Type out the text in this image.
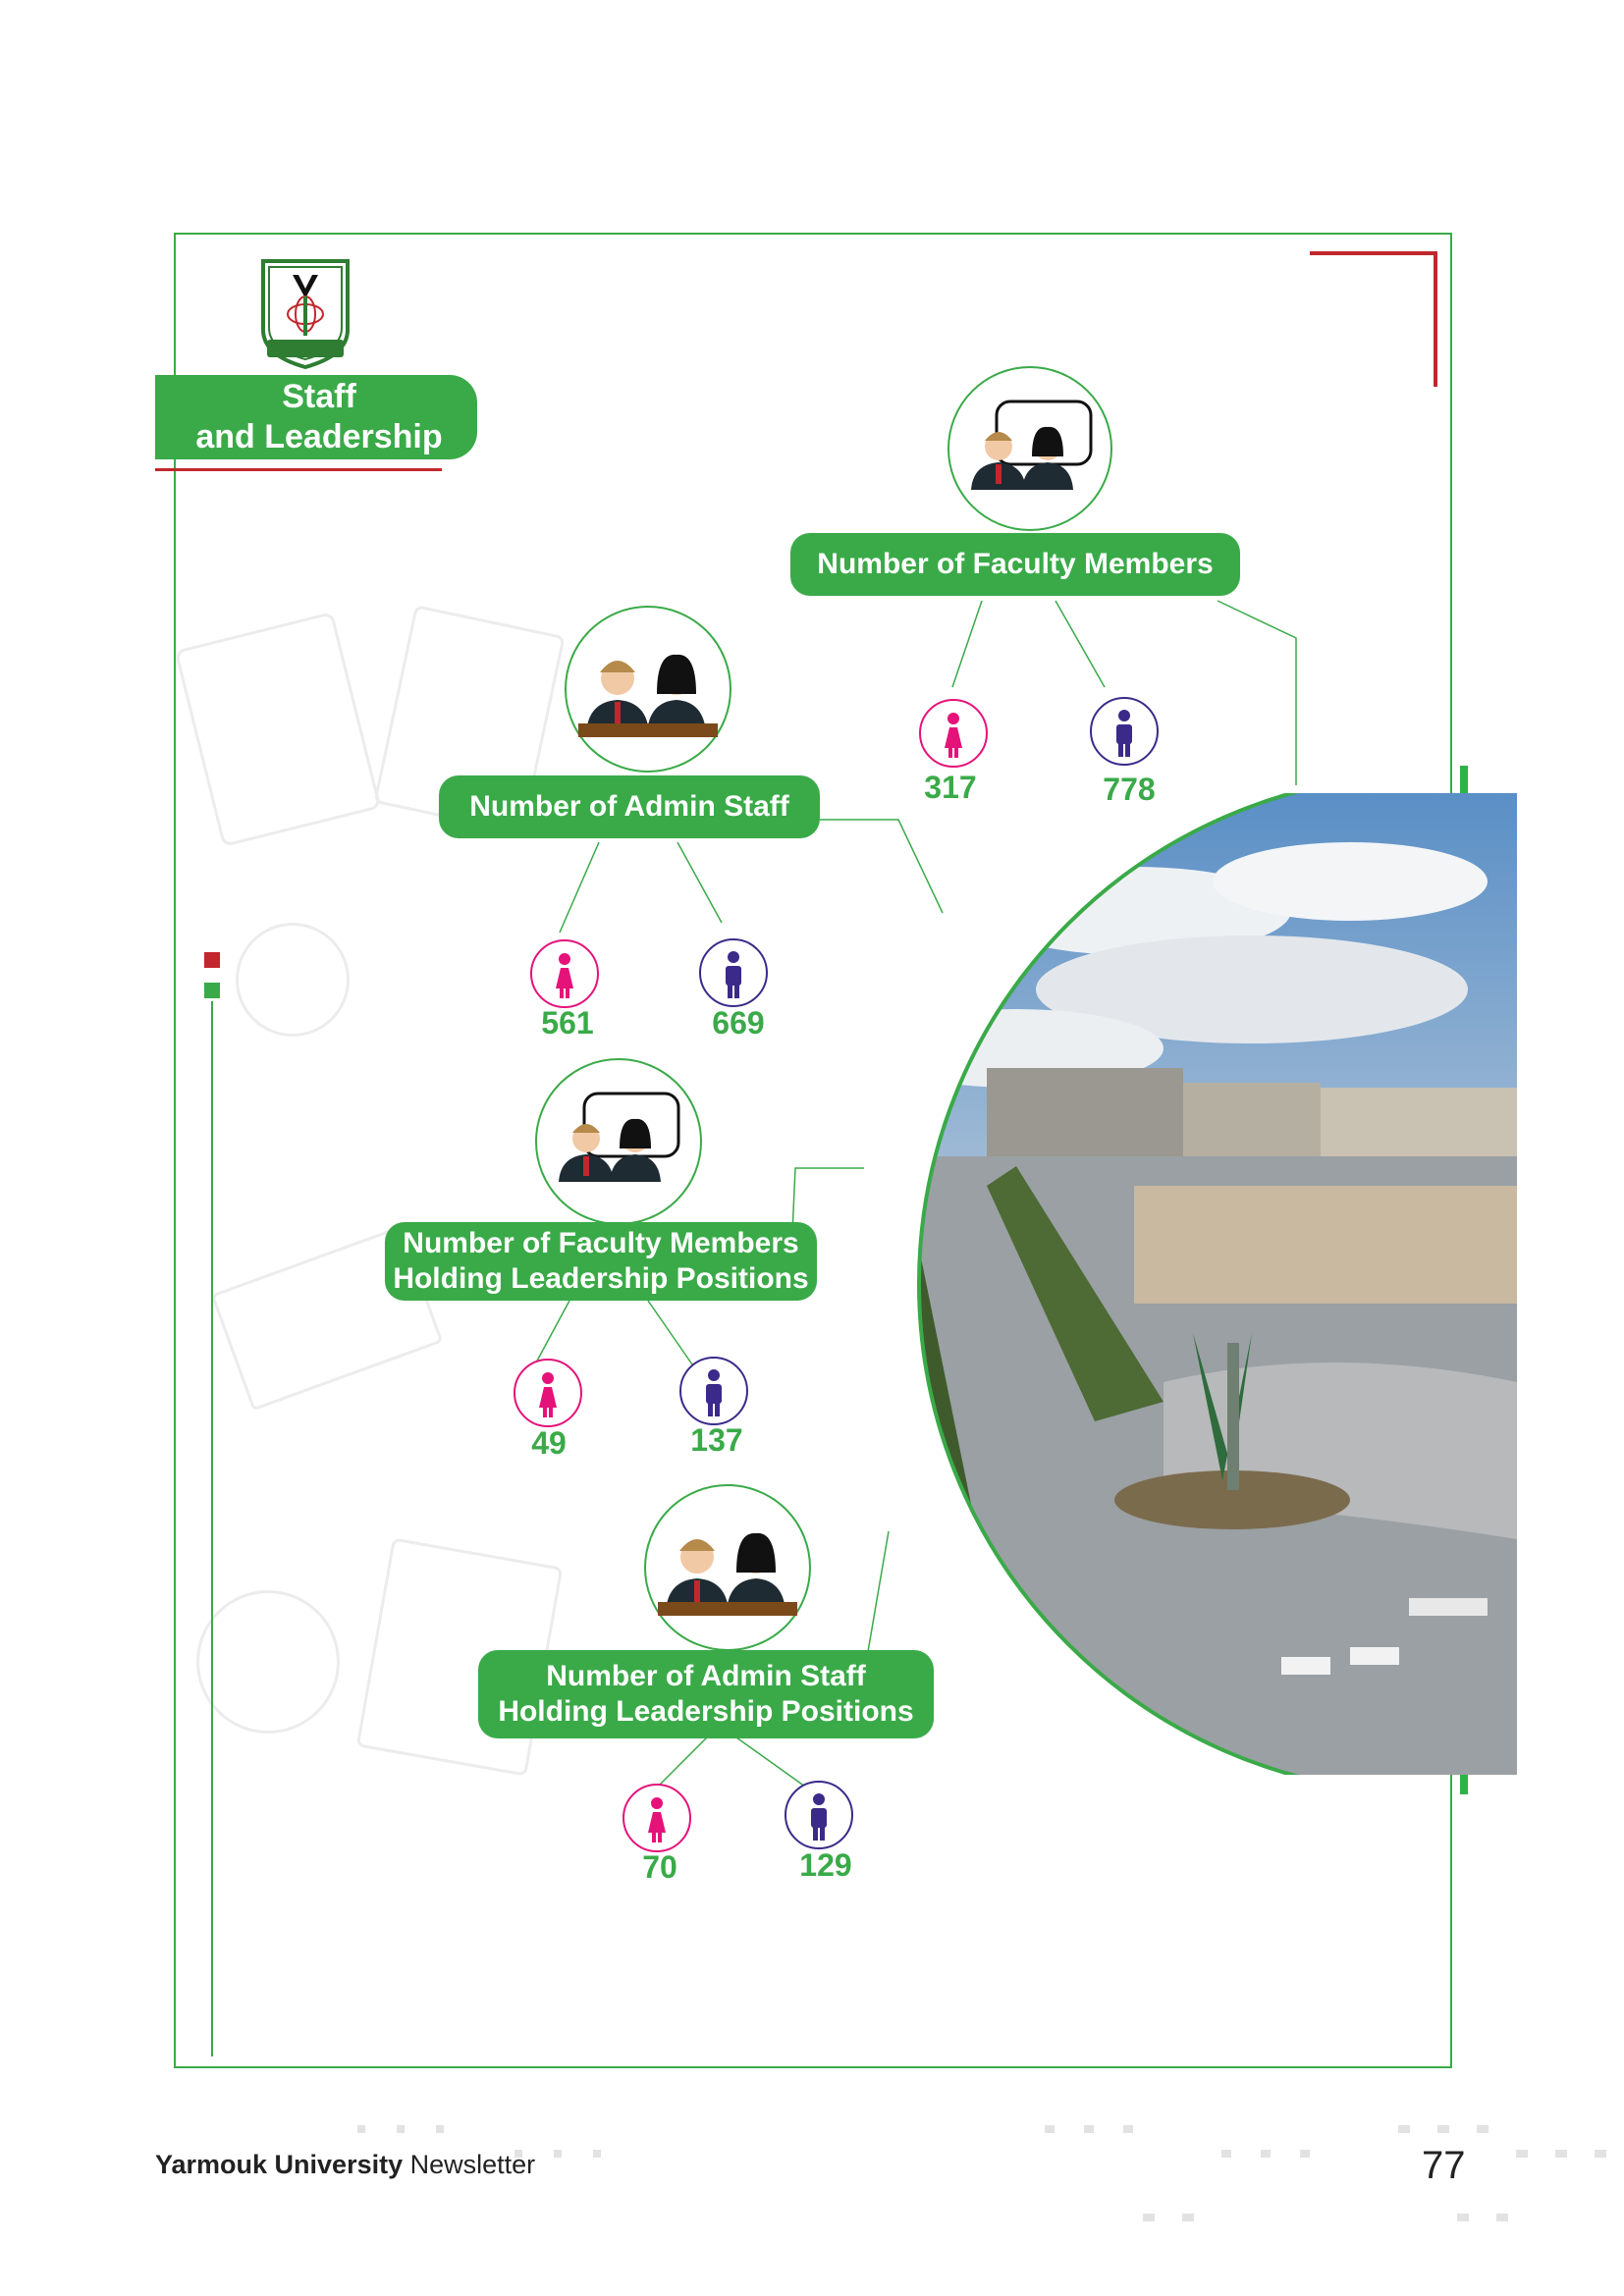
Staff
and Leadership
Number of Faculty Members
317	778
Number of Admin Staff
561	669
Number of Faculty Members
Holding Leadership Positions
49	137
Number of Admin Staff
Holding Leadership Positions
70	129
Yarmouk University Newsletter	77
